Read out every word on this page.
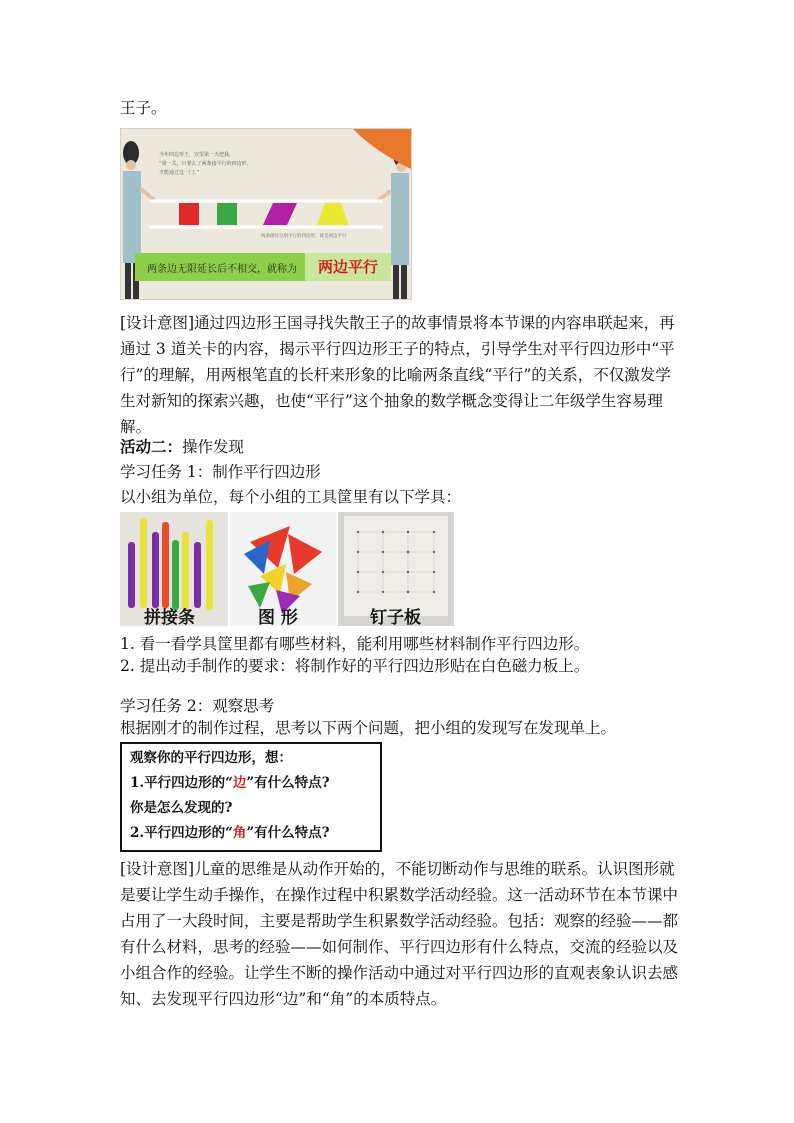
王子。
今年四边形王，宫里第一天把我，
“第一关，只要么了两条接平行的四边形，
才能通过这一门。”
两条接边分别平行的四边形，就是两边平行
两条边无限延长后不相交，就称为	两边平行
[设计意图]通过四边形王国寻找失散王子的故事情景将本节课的内容串联起来，再通过 3 道关卡的内容，揭示平行四边形王子的特点，引导学生对平行四边形中“平行”的理解，用两根笔直的长杆来形象的比喻两条直线“平行”的关系，不仅激发学生对新知的探索兴趣，也使“平行”这个抽象的数学概念变得让二年级学生容易理解。
活动二：操作发现
学习任务 1：制作平行四边形
以小组为单位，每个小组的工具筐里有以下学具：
拼接条	图 形	钉子板
1. 看一看学具筐里都有哪些材料，能利用哪些材料制作平行四边形。
2. 提出动手制作的要求：将制作好的平行四边形贴在白色磁力板上。
学习任务 2：观察思考
根据刚才的制作过程，思考以下两个问题，把小组的发现写在发现单上。
观察你的平行四边形，想：
1.平行四边形的“边”有什么特点?
你是怎么发现的?
2.平行四边形的“角”有什么特点?
[设计意图]儿童的思维是从动作开始的，不能切断动作与思维的联系。认识图形就是要让学生动手操作，在操作过程中积累数学活动经验。这一活动环节在本节课中占用了一大段时间，主要是帮助学生积累数学活动经验。包括：观察的经验——都有什么材料，思考的经验——如何制作、平行四边形有什么特点，交流的经验以及小组合作的经验。让学生不断的操作活动中通过对平行四边形的直观表象认识去感知、去发现平行四边形“边”和“角”的本质特点。
